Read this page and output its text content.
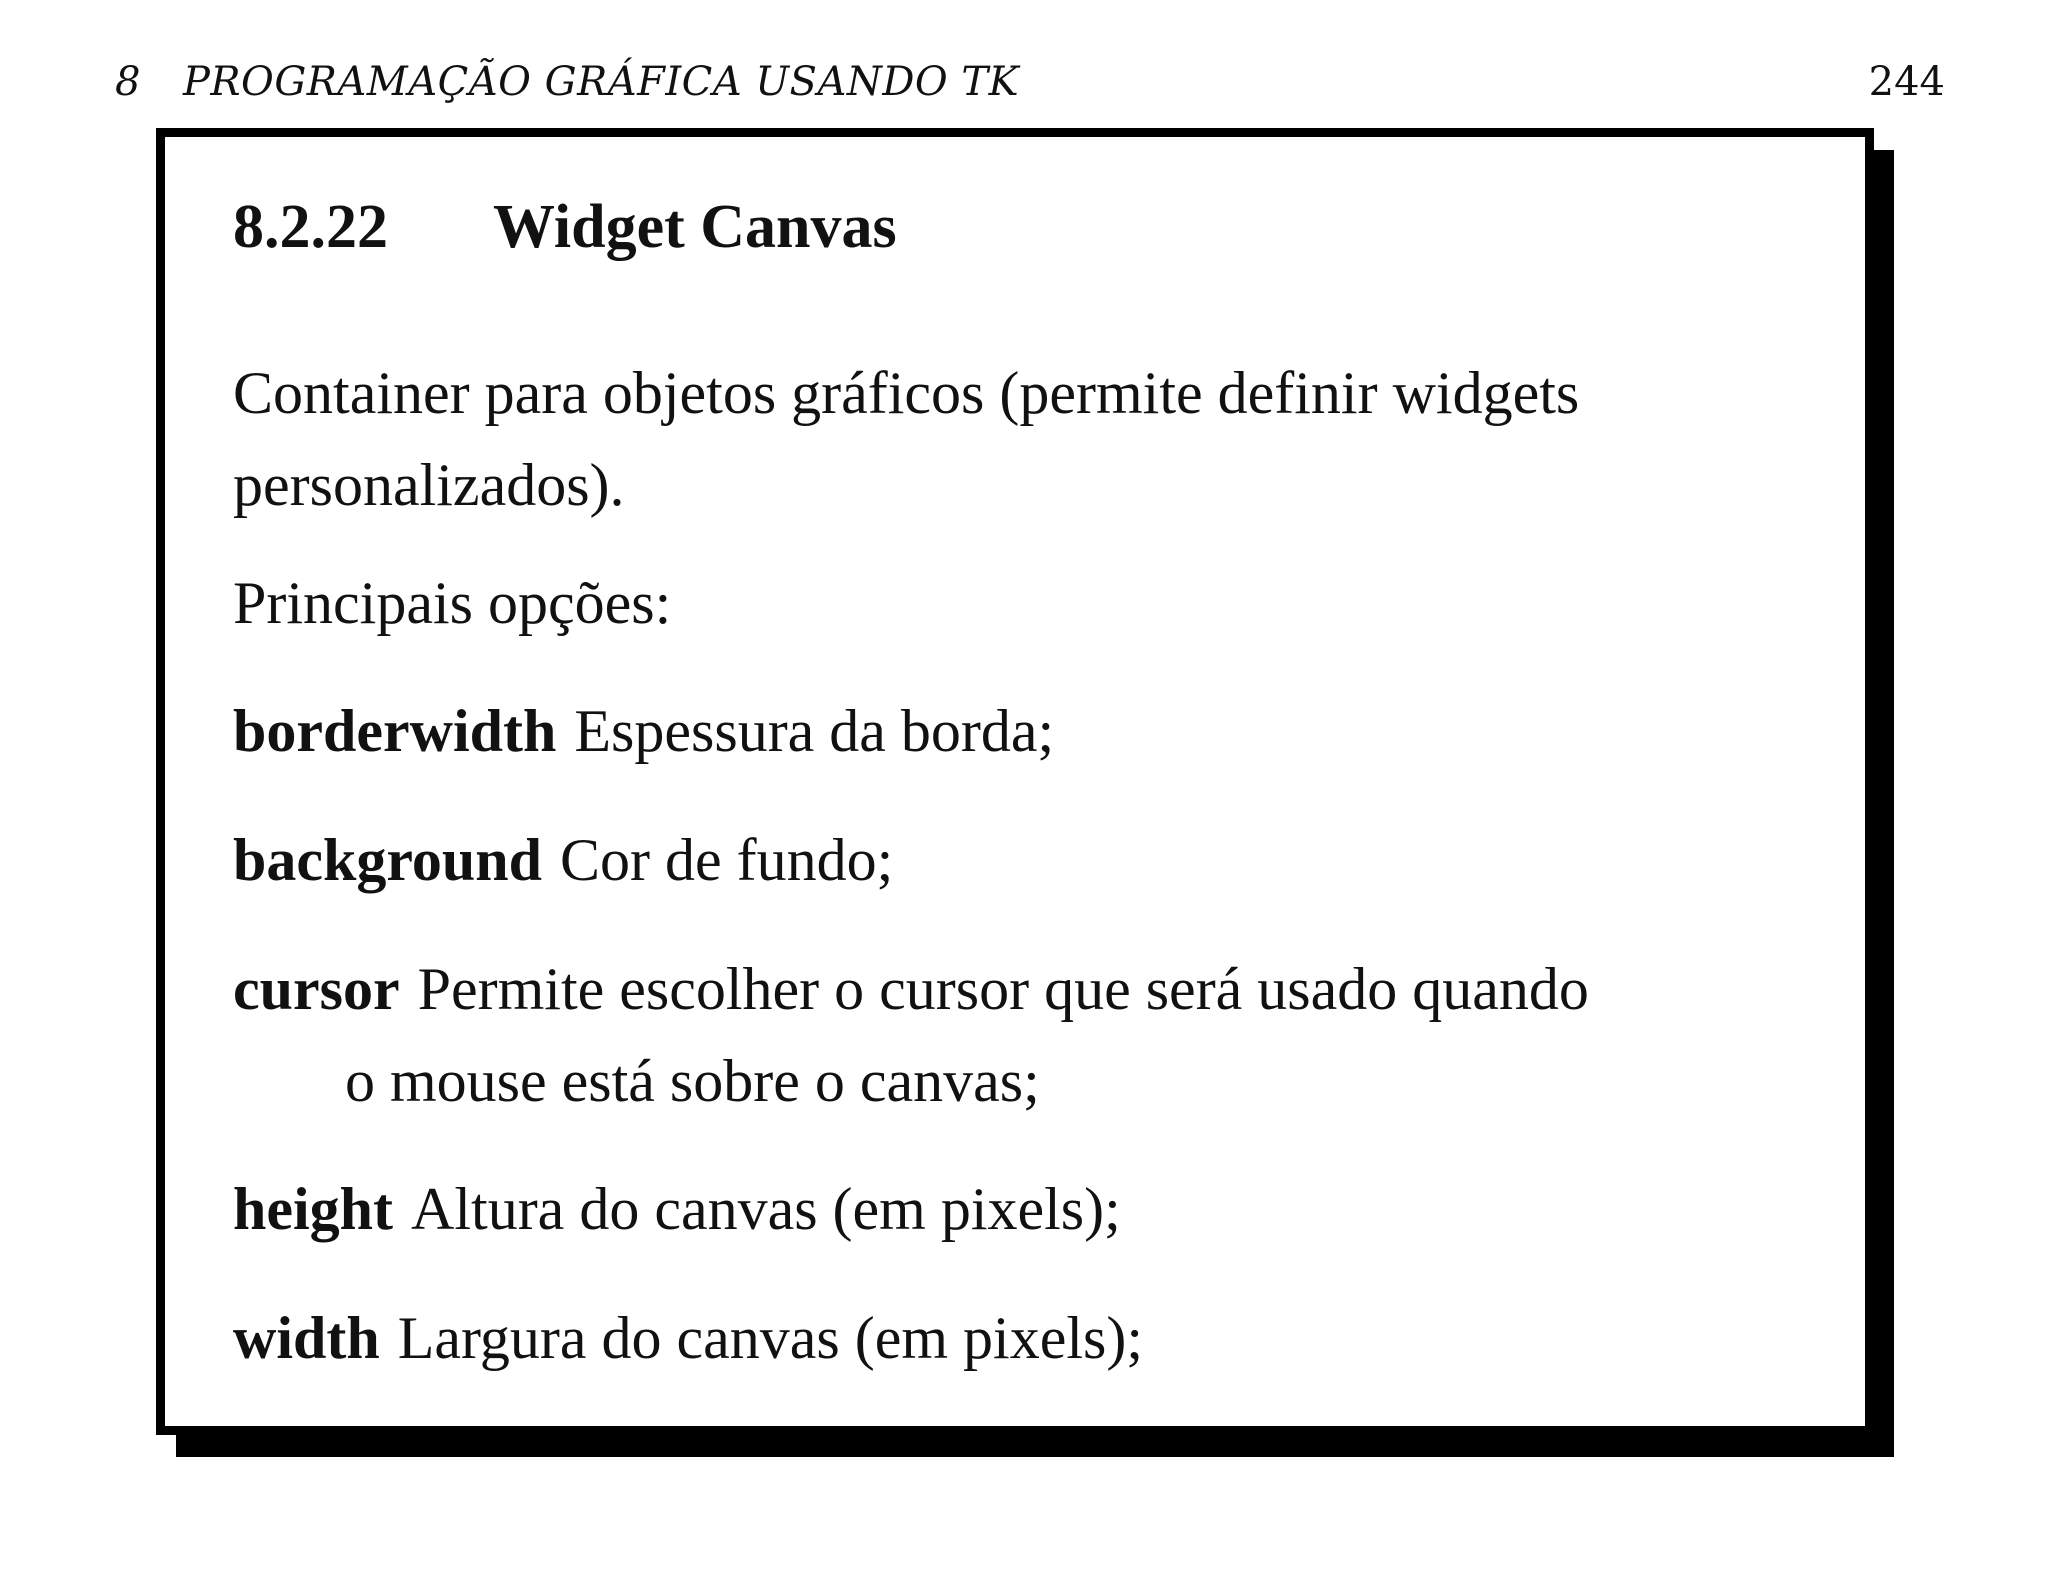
8 PROGRAMAÇÃO GRÁFICA USANDO TK	244
8.2.22 Widget Canvas
Container para objetos gráficos (permite definir widgets
personalizados).
Principais opções:
borderwidth Espessura da borda;
background Cor de fundo;
cursor Permite escolher o cursor que será usado quando
o mouse está sobre o canvas;
height Altura do canvas (em pixels);
width Largura do canvas (em pixels);
